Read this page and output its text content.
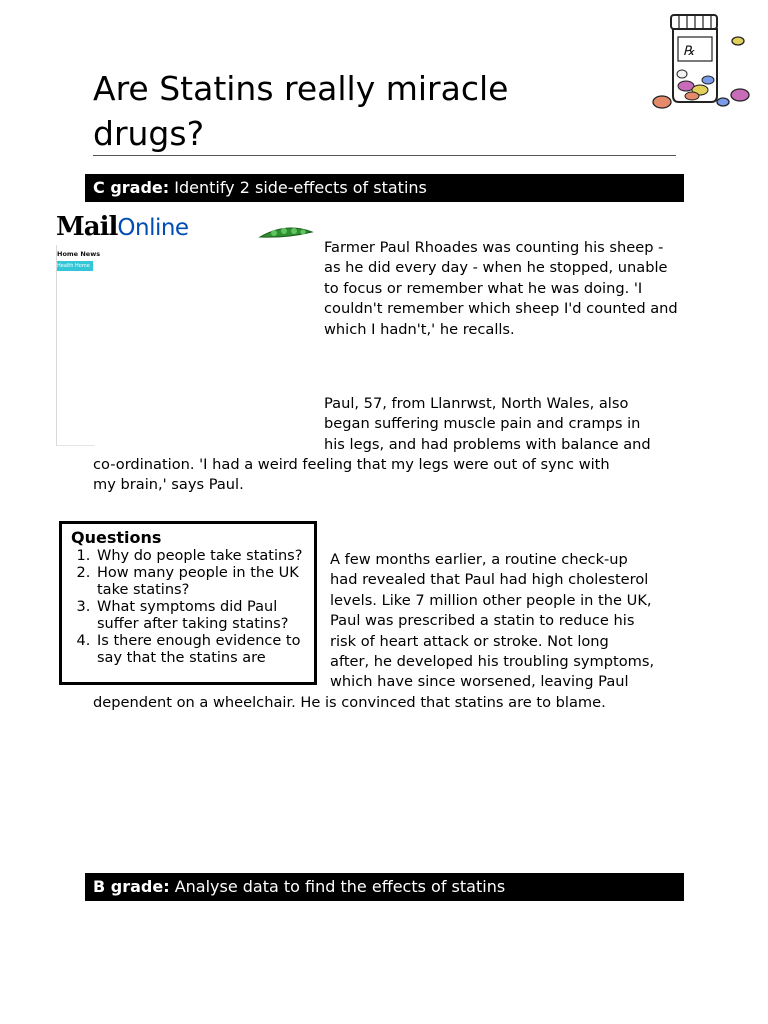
Are Statins really miracle drugs?
℞
C grade: Identify 2 side-effects of statins
MailOnline
Home News
Health Home

Farmer Paul Rhoades was counting his sheep - as he did every day - when he stopped, unable to focus or remember what he was doing. 'I couldn't remember which sheep I'd counted and which I hadn't,' he recalls.

Paul, 57, from Llanrwst, North Wales, also

began suffering muscle pain and cramps in

his legs, and had problems with balance and

co-ordination. 'I had a weird feeling that my legs were out of sync with

my brain,' says Paul.

Questions
1. Why do people take statins?
2. How many people in the UK take statins?
3. What symptoms did Paul suffer after taking statins?
4. Is there enough evidence to say that the statins are

A few months earlier, a routine check-up

had revealed that Paul had high cholesterol

levels. Like 7 million other people in the UK,

Paul was prescribed a statin to reduce his

risk of heart attack or stroke. Not long

after, he developed his troubling symptoms,

which have since worsened, leaving Paul

dependent on a wheelchair. He is convinced that statins are to blame.

B grade: Analyse data to find the effects of statins
